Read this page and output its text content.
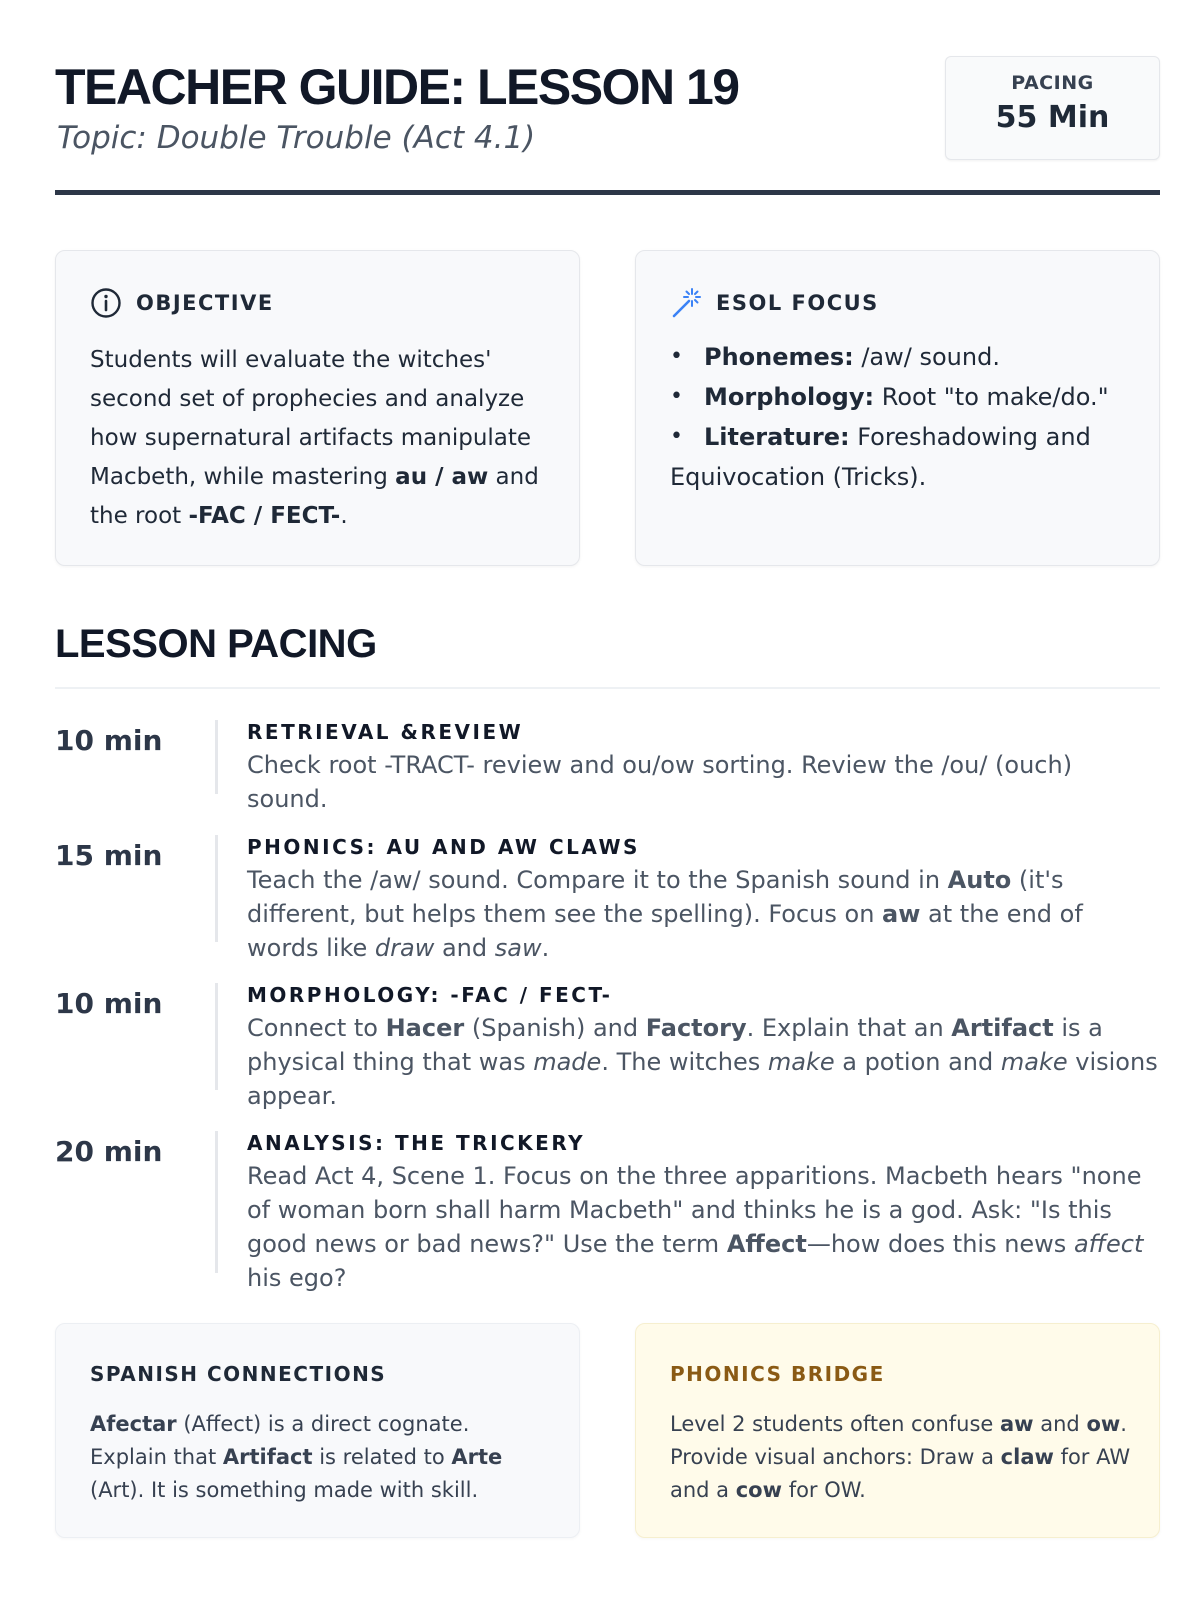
TEACHER GUIDE: LESSON 19
Topic: Double Trouble (Act 4.1)
PACING
55 Min
OBJECTIVE
Students will evaluate the witches' second set of prophecies and analyze how supernatural artifacts manipulate Macbeth, while mastering au / aw and the root -FAC / FECT-.
ESOL FOCUS
• Phonemes: /aw/ sound.
• Morphology: Root "to make/do."
• Literature: Foreshadowing and Equivocation (Tricks).
LESSON PACING
10 min	RETRIEVAL &REVIEW
Check root -TRACT- review and ou/ow sorting. Review the /ou/ (ouch) sound.
15 min	PHONICS: AU AND AW CLAWS
Teach the /aw/ sound. Compare it to the Spanish sound in Auto (it's different, but helps them see the spelling). Focus on aw at the end of words like draw and saw.
10 min	MORPHOLOGY: -FAC / FECT-
Connect to Hacer (Spanish) and Factory. Explain that an Artifact is a physical thing that was made. The witches make a potion and make visions appear.
20 min	ANALYSIS: THE TRICKERY
Read Act 4, Scene 1. Focus on the three apparitions. Macbeth hears "none of woman born shall harm Macbeth" and thinks he is a god. Ask: "Is this good news or bad news?" Use the term Affect—how does this news affect his ego?
SPANISH CONNECTIONS
Afectar (Affect) is a direct cognate. Explain that Artifact is related to Arte (Art). It is something made with skill.
PHONICS BRIDGE
Level 2 students often confuse aw and ow. Provide visual anchors: Draw a claw for AW and a cow for OW.
